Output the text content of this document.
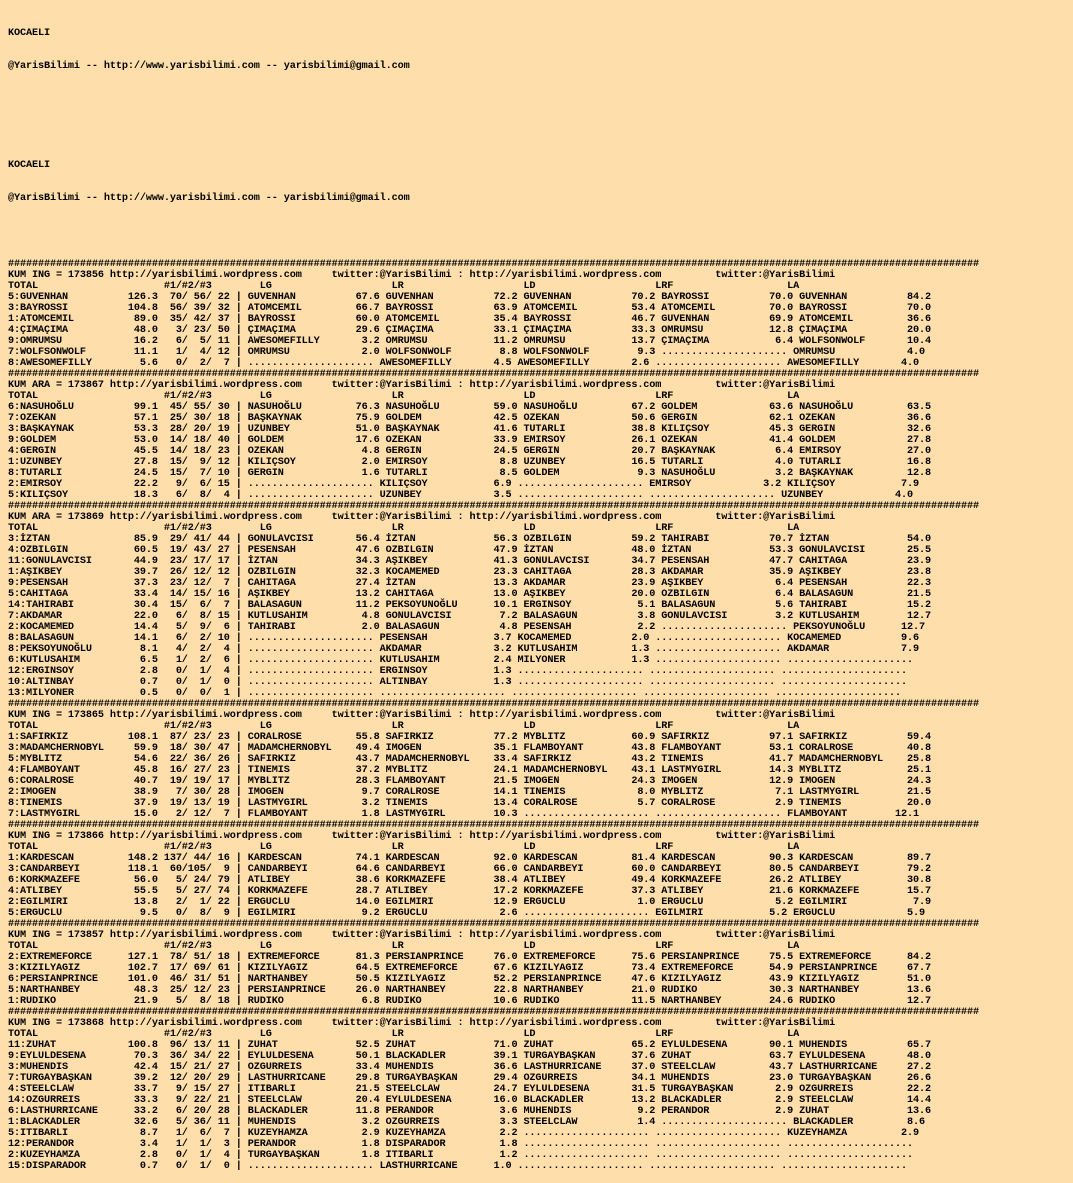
KOCAELI

@YarisBilimi -- http://www.yarisbilimi.com -- yarisbilimi@gmail.com

KOCAELI

@YarisBilimi -- http://www.yarisbilimi.com -- yarisbilimi@gmail.com

##################################################################################################################################################################
KUM ING = 173856 http://yarisbilimi.wordpress.com     twitter:@YarisBilimi : http://yarisbilimi.wordpress.com         twitter:@YarisBilimi
TOTAL                     #1/#2/#3        LG                    LR                    LD                    LRF                   LA
5:GUVENHAN          126.3  70/ 56/ 22 | GUVENHAN          67.6 GUVENHAN          72.2 GUVENHAN          70.2 BAYROSSI          70.0 GUVENHAN          84.2
3:BAYROSSI          104.8  56/ 39/ 32 | ATOMCEMIL         66.7 BAYROSSI          63.9 ATOMCEMIL         53.4 ATOMCEMIL         70.0 BAYROSSI          70.0
1:ATOMCEMIL          89.0  35/ 42/ 37 | BAYROSSI          60.0 ATOMCEMIL         35.4 BAYROSSI          46.7 GUVENHAN          69.9 ATOMCEMIL         36.6
4:ÇIMAÇIMA           48.0   3/ 23/ 50 | ÇIMAÇIMA          29.6 ÇIMAÇIMA          33.1 ÇIMAÇIMA          33.3 OMRUMSU           12.8 ÇIMAÇIMA          20.0
9:OMRUMSU            16.2   6/  5/ 11 | AWESOMEFILLY       3.2 OMRUMSU           11.2 OMRUMSU           13.7 ÇIMAÇIMA           6.4 WOLFSONWOLF       10.4
7:WOLFSONWOLF        11.1   1/  4/ 12 | OMRUMSU            2.0 WOLFSONWOLF        8.8 WOLFSONWOLF        9.3 ..................... OMRUMSU            4.0
8:AWESOMEFILLY        5.6   0/  2/  7 | ..................... AWESOMEFILLY       4.5 AWESOMEFILLY       2.6 ..................... AWESOMEFILLY       4.0
##################################################################################################################################################################
KUM ARA = 173867 http://yarisbilimi.wordpress.com     twitter:@YarisBilimi : http://yarisbilimi.wordpress.com         twitter:@YarisBilimi
TOTAL                     #1/#2/#3        LG                    LR                    LD                    LRF                   LA
6:NASUHOĞLU          99.1  45/ 55/ 30 | NASUHOĞLU         76.3 NASUHOĞLU         59.0 NASUHOĞLU         67.2 GOLDEM            63.6 NASUHOĞLU         63.5
7:OZEKAN             57.1  25/ 30/ 18 | BAŞKAYNAK         75.9 GOLDEM            42.5 OZEKAN            50.6 GERGIN            62.1 OZEKAN            36.6
3:BAŞKAYNAK          53.3  28/ 20/ 19 | UZUNBEY           51.0 BAŞKAYNAK         41.6 TUTARLI           38.8 KILIÇSOY          45.3 GERGIN            32.6
9:GOLDEM             53.0  14/ 18/ 40 | GOLDEM            17.6 OZEKAN            33.9 EMIRSOY           26.1 OZEKAN            41.4 GOLDEM            27.8
4:GERGIN             45.5  14/ 18/ 23 | OZEKAN             4.8 GERGIN            24.5 GERGIN            20.7 BAŞKAYNAK          6.4 EMIRSOY           27.0
1:UZUNBEY            27.8  15/  9/ 12 | KILIÇSOY           2.0 EMIRSOY            8.8 UZUNBEY           16.5 TUTARLI            4.0 TUTARLI           16.8
8:TUTARLI            24.5  15/  7/ 10 | GERGIN             1.6 TUTARLI            8.5 GOLDEM             9.3 NASUHOĞLU          3.2 BAŞKAYNAK         12.8
2:EMIRSOY            22.2   9/  6/ 15 | ..................... KILIÇSOY           6.9 ..................... EMIRSOY            3.2 KILIÇSOY           7.9
5:KILIÇSOY           18.3   6/  8/  4 | ..................... UZUNBEY            3.5 ..................... ..................... UZUNBEY            4.0
##################################################################################################################################################################
KUM ARA = 173869 http://yarisbilimi.wordpress.com     twitter:@YarisBilimi : http://yarisbilimi.wordpress.com         twitter:@YarisBilimi
TOTAL                     #1/#2/#3        LG                    LR                    LD                    LRF                   LA
3:İZTAN              85.9  29/ 41/ 44 | GONULAVCISI       56.4 İZTAN             56.3 OZBILGIN          59.2 TAHIRABI          70.7 İZTAN             54.0
4:OZBILGIN           60.5  19/ 43/ 27 | PESENSAH          47.6 OZBILGIN          47.9 İZTAN             48.0 İZTAN             53.3 GONULAVCISI       25.5
11:GONULAVCISI       44.9  23/ 17/ 17 | İZTAN             34.3 AŞIKBEY           41.3 GONULAVCISI       34.7 PESENSAH          47.7 CAHITAGA          23.9
1:AŞIKBEY            39.7  26/ 12/ 12 | OZBILGIN          32.3 KOCAMEMED         23.3 CAHITAGA          28.3 AKDAMAR           35.9 AŞIKBEY           23.8
9:PESENSAH           37.3  23/ 12/  7 | CAHITAGA          27.4 İZTAN             13.3 AKDAMAR           23.9 AŞIKBEY            6.4 PESENSAH          22.3
5:CAHITAGA           33.4  14/ 15/ 16 | AŞIKBEY           13.2 CAHITAGA          13.0 AŞIKBEY           20.0 OZBILGIN           6.4 BALASAGUN         21.5
14:TAHIRABI          30.4  15/  6/  7 | BALASAGUN         11.2 PEKSOYUNOĞLU      10.1 ERGINSOY           5.1 BALASAGUN          5.6 TAHIRABI          15.2
7:AKDAMAR            22.0   6/  8/ 15 | KUTLUSAHIM         4.8 GONULAVCISI        7.2 BALASAGUN          3.8 GONULAVCISI        3.2 KUTLUSAHIM        12.7
2:KOCAMEMED          14.4   5/  9/  6 | TAHIRABI           2.0 BALASAGUN          4.8 PESENSAH           2.2 ..................... PEKSOYUNOĞLU      12.7
8:BALASAGUN          14.1   6/  2/ 10 | ..................... PESENSAH           3.7 KOCAMEMED          2.0 ..................... KOCAMEMED          9.6
8:PEKSOYUNOĞLU        8.1   4/  2/  4 | ..................... AKDAMAR            3.2 KUTLUSAHIM         1.3 ..................... AKDAMAR            7.9
6:KUTLUSAHIM          6.5   1/  2/  6 | ..................... KUTLUSAHIM         2.4 MILYONER           1.3 ..................... .....................
12:ERGINSOY           2.8   0/  1/  4 | ..................... ERGINSOY           1.3 ..................... ..................... .....................
10:ALTINBAY           0.7   0/  1/  0 | ..................... ALTINBAY           1.3 ..................... ..................... .....................
13:MILYONER           0.5   0/  0/  1 | ..................... ..................... ..................... ..................... .....................
##################################################################################################################################################################
KUM ING = 173865 http://yarisbilimi.wordpress.com     twitter:@YarisBilimi : http://yarisbilimi.wordpress.com         twitter:@YarisBilimi
TOTAL                     #1/#2/#3        LG                    LR                    LD                    LRF                   LA
1:SAFIRKIZ          108.1  87/ 23/ 23 | CORALROSE         55.8 SAFIRKIZ          77.2 MYBLITZ           60.9 SAFIRKIZ          97.1 SAFIRKIZ          59.4
3:MADAMCHERNOBYL     59.9  18/ 30/ 47 | MADAMCHERNOBYL    49.4 IMOGEN            35.1 FLAMBOYANT        43.8 FLAMBOYANT        53.1 CORALROSE         40.8
5:MYBLITZ            54.6  22/ 36/ 26 | SAFIRKIZ          43.7 MADAMCHERNOBYL    33.4 SAFIRKIZ          43.2 TINEMIS           41.7 MADAMCHERNOBYL    25.8
4:FLAMBOYANT         45.8  16/ 27/ 23 | TINEMIS           37.2 MYBLITZ           24.1 MADAMCHERNOBYL    43.1 LASTMYGIRL        14.3 MYBLITZ           25.1
6:CORALROSE          40.7  19/ 19/ 17 | MYBLITZ           28.3 FLAMBOYANT        21.5 IMOGEN            24.3 IMOGEN            12.9 IMOGEN            24.3
2:IMOGEN             38.9   7/ 30/ 28 | IMOGEN             9.7 CORALROSE         14.1 TINEMIS            8.0 MYBLITZ            7.1 LASTMYGIRL        21.5
8:TINEMIS            37.9  19/ 13/ 19 | LASTMYGIRL         3.2 TINEMIS           13.4 CORALROSE          5.7 CORALROSE          2.9 TINEMIS           20.0
7:LASTMYGIRL         15.0   2/ 12/  7 | FLAMBOYANT         1.8 LASTMYGIRL        10.3 ..................... ..................... FLAMBOYANT        12.1
##################################################################################################################################################################
KUM ING = 173866 http://yarisbilimi.wordpress.com     twitter:@YarisBilimi : http://yarisbilimi.wordpress.com         twitter:@YarisBilimi
TOTAL                     #1/#2/#3        LG                    LR                    LD                    LRF                   LA
1:KARDESCAN         148.2 137/ 44/ 16 | KARDESCAN         74.1 KARDESCAN         92.0 KARDESCAN         81.4 KARDESCAN         90.3 KARDESCAN         89.7
3:CANDARBEYI        118.1  60/105/  9 | CANDARBEYI        64.6 CANDARBEYI        66.0 CANDARBEYI        60.0 CANDARBEYI        80.5 CANDARBEYI        79.2
6:KORKMAZEFE         56.0   5/ 24/ 79 | ATLIBEY           38.6 KORKMAZEFE        38.4 ATLIBEY           49.4 KORKMAZEFE        26.2 ATLIBEY           30.8
4:ATLIBEY            55.5   5/ 27/ 74 | KORKMAZEFE        28.7 ATLIBEY           17.2 KORKMAZEFE        37.3 ATLIBEY           21.6 KORKMAZEFE        15.7
2:EGILMIRI           13.8   2/  1/ 22 | ERGUCLU           14.0 EGILMIRI          12.9 ERGUCLU            1.0 ERGUCLU            5.2 EGILMIRI           7.9
5:ERGUCLU             9.5   0/  8/  9 | EGILMIRI           9.2 ERGUCLU            2.6 ..................... EGILMIRI           5.2 ERGUCLU            5.9
##################################################################################################################################################################
KUM ING = 173857 http://yarisbilimi.wordpress.com     twitter:@YarisBilimi : http://yarisbilimi.wordpress.com         twitter:@YarisBilimi
TOTAL                     #1/#2/#3        LG                    LR                    LD                    LRF                   LA
2:EXTREMEFORCE      127.1  78/ 51/ 18 | EXTREMEFORCE      81.3 PERSIANPRINCE     76.0 EXTREMEFORCE      75.6 PERSIANPRINCE     75.5 EXTREMEFORCE      84.2
3:KIZILYAGIZ        102.7  17/ 69/ 61 | KIZILYAGIZ        64.5 EXTREMEFORCE      67.6 KIZILYAGIZ        73.4 EXTREMEFORCE      54.9 PERSIANPRINCE     67.7
6:PERSIANPRINCE     101.0  46/ 31/ 51 | NARTHANBEY        50.5 KIZILYAGIZ        52.2 PERSIANPRINCE     47.6 KIZILYAGIZ        43.9 KIZILYAGIZ        51.0
5:NARTHANBEY         48.3  25/ 12/ 23 | PERSIANPRINCE     26.0 NARTHANBEY        22.8 NARTHANBEY        21.0 RUDIKO            30.3 NARTHANBEY        13.6
1:RUDIKO             21.9   5/  8/ 18 | RUDIKO             6.8 RUDIKO            10.6 RUDIKO            11.5 NARTHANBEY        24.6 RUDIKO            12.7
##################################################################################################################################################################
KUM ING = 173868 http://yarisbilimi.wordpress.com     twitter:@YarisBilimi : http://yarisbilimi.wordpress.com         twitter:@YarisBilimi
TOTAL                     #1/#2/#3        LG                    LR                    LD                    LRF                   LA
11:ZUHAT            100.8  96/ 13/ 11 | ZUHAT             52.5 ZUHAT             71.0 ZUHAT             65.2 EYLULDESENA       90.1 MUHENDIS          65.7
9:EYLULDESENA        70.3  36/ 34/ 22 | EYLULDESENA       50.1 BLACKADLER        39.1 TURGAYBAŞKAN      37.6 ZUHAT             63.7 EYLULDESENA       48.0
3:MUHENDIS           42.4  15/ 21/ 27 | OZGURREIS         33.4 MUHENDIS          36.6 LASTHURRICANE     37.0 STEELCLAW         43.7 LASTHURRICANE     27.2
7:TURGAYBAŞKAN       39.2  12/ 20/ 29 | LASTHURRICANE     29.8 TURGAYBAŞKAN      29.4 OZGURREIS         34.1 MUHENDIS          23.0 TURGAYBAŞKAN      26.6
4:STEELCLAW          33.7   9/ 15/ 27 | ITIBARLI          21.5 STEELCLAW         24.7 EYLULDESENA       31.5 TURGAYBAŞKAN       2.9 OZGURREIS         22.2
14:OZGURREIS         33.3   9/ 22/ 21 | STEELCLAW         20.4 EYLULDESENA       16.0 BLACKADLER        13.2 BLACKADLER         2.9 STEELCLAW         14.4
6:LASTHURRICANE      33.2   6/ 20/ 28 | BLACKADLER        11.8 PERANDOR           3.6 MUHENDIS           9.2 PERANDOR           2.9 ZUHAT             13.6
1:BLACKADLER         32.6   5/ 36/ 11 | MUHENDIS           3.2 OZGURREIS          3.3 STEELCLAW          1.4 ..................... BLACKADLER         8.6
5:ITIBARLI            8.7   1/  6/  7 | KUZEYHAMZA         2.9 KUZEYHAMZA         2.2 ..................... ..................... KUZEYHAMZA         2.9
12:PERANDOR           3.4   1/  1/  3 | PERANDOR           1.8 DISPARADOR         1.8 ..................... ..................... .....................
2:KUZEYHAMZA          2.8   0/  1/  4 | TURGAYBAŞKAN       1.8 ITIBARLI           1.2 ..................... ..................... .....................
15:DISPARADOR         0.7   0/  1/  0 | ..................... LASTHURRICANE      1.0 ..................... ..................... .....................
